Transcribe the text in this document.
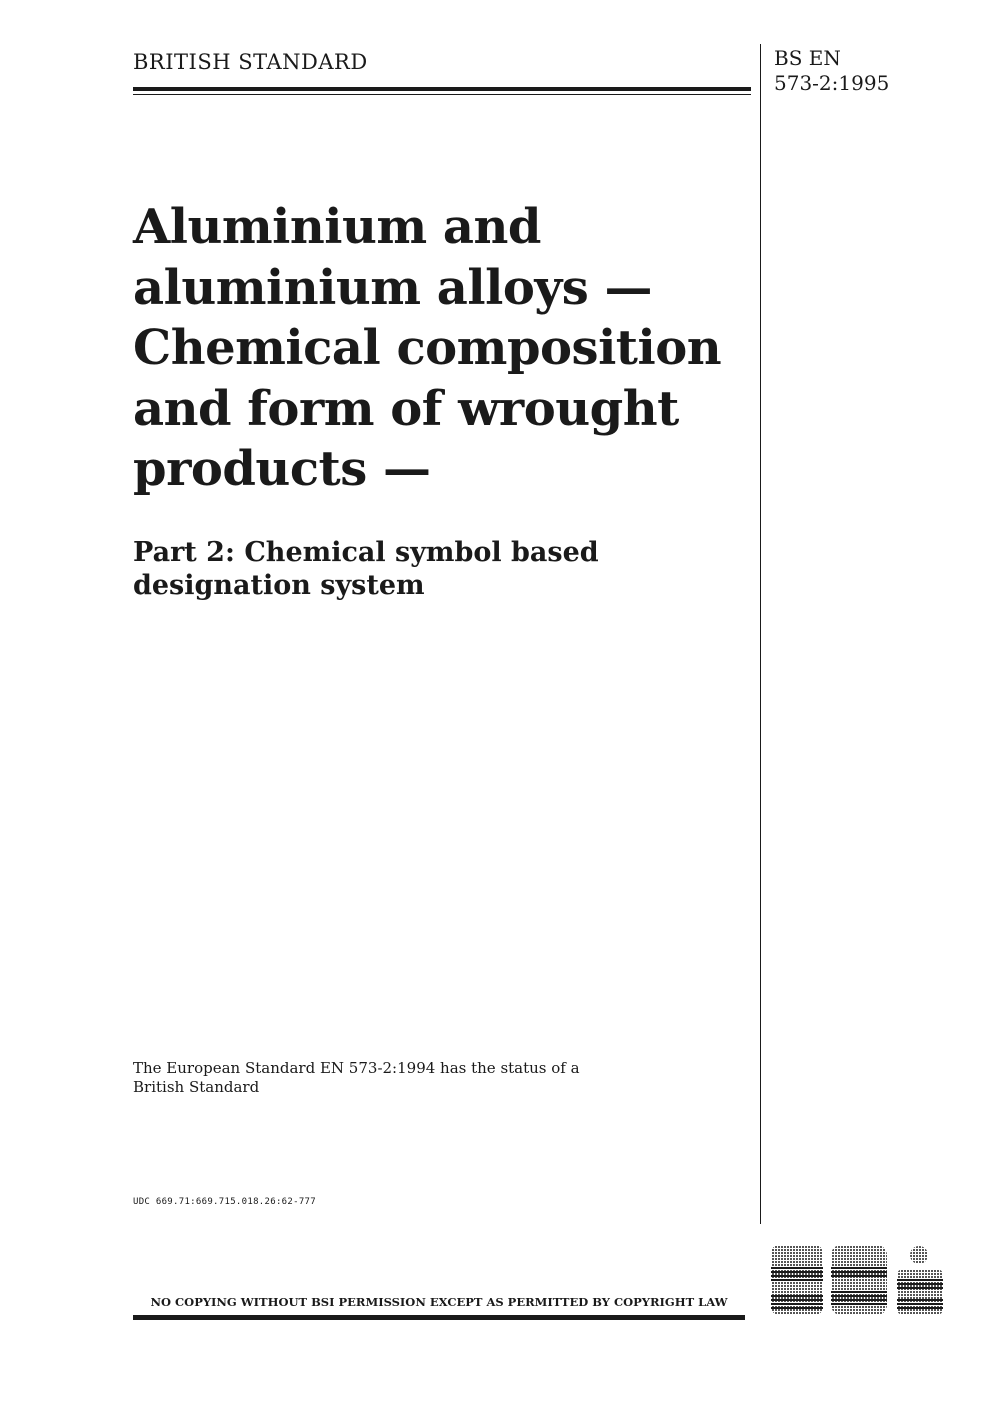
BRITISH STANDARD	BS EN
573-2:1995
Aluminium and
aluminium alloys —
Chemical composition
and form of wrought
products —
Part 2: Chemical symbol based
designation system
The European Standard EN 573-2:1994 has the status of a
British Standard
UDC 669.71:669.715.018.26:62-777
NO COPYING WITHOUT BSI PERMISSION EXCEPT AS PERMITTED BY COPYRIGHT LAW
